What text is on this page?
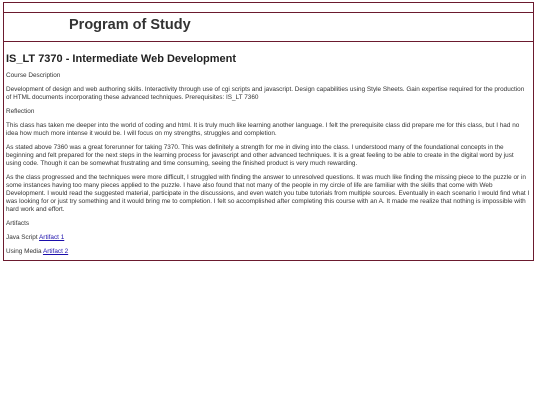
Program of Study
IS_LT 7370 - Intermediate Web Development

Course Description

Development of design and web authoring skills. Interactivity through use of cgi scripts and javascript. Design capabilities using Style Sheets. Gain expertise required for the production of HTML documents incorporating these advanced techniques. Prerequisites: IS_LT 7360

Reflection

This class has taken me deeper into the world of coding and html. It is truly much like learning another language. I felt the prerequisite class did prepare me for this class, but I had no idea how much more intense it would be. I will focus on my strengths, struggles and completion.

As stated above 7360 was a great forerunner for taking 7370. This was definitely a strength for me in diving into the class. I understood many of the foundational concepts in the beginning and felt prepared for the next steps in the learning process for javascript and other advanced techniques. It is a great feeling to be able to create in the digital word by just using code. Though it can be somewhat frustrating and time consuming, seeing the finished product is very much rewarding.

As the class progressed and the techniques were more difficult, I struggled with finding the answer to unresolved questions. It was much like finding the missing piece to the puzzle or in some instances having too many pieces applied to the puzzle. I have also found that not many of the people in my circle of life are familiar with the skills that come with Web Development. I would read the suggested material, participate in the discussions, and even watch you tube tutorials from multiple sources. Eventually in each scenario I would find what I was looking for or just try something and it would bring me to completion. I felt so accomplished after completing this course with an A. It made me realize that nothing is impossible with hard work and effort.

Artifacts

Java Script Artifact 1

Using Media Artifact 2
